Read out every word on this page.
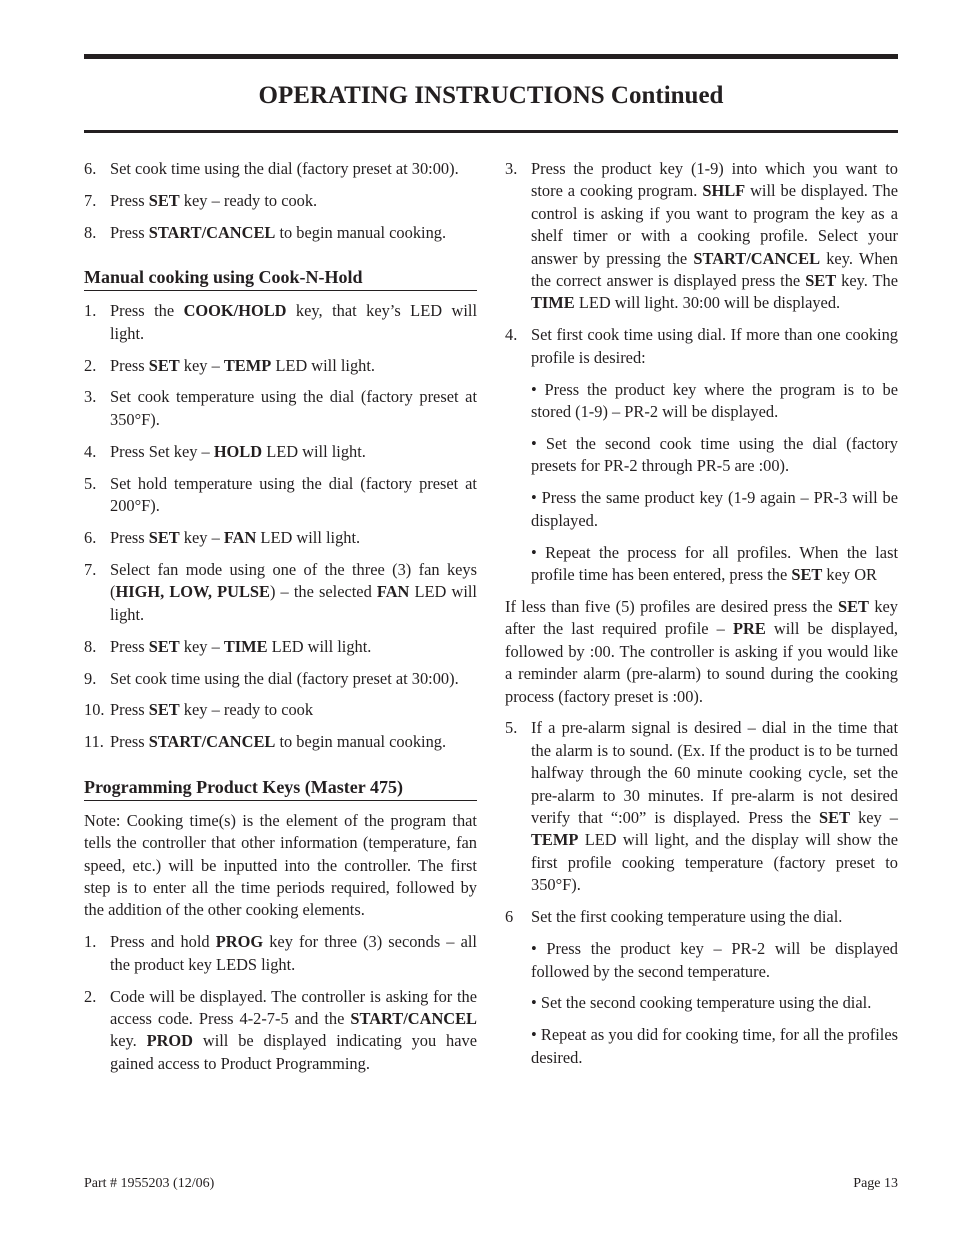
OPERATING INSTRUCTIONS Continued
6. Set cook time using the dial (factory preset at 30:00).
7. Press SET key – ready to cook.
8. Press START/CANCEL to begin manual cooking.
Manual cooking using Cook-N-Hold
1. Press the COOK/HOLD key, that key’s LED will light.
2. Press SET key – TEMP LED will light.
3. Set cook temperature using the dial (factory preset at 350°F).
4. Press Set key – HOLD LED will light.
5. Set hold temperature using the dial (factory preset at 200°F).
6. Press SET key – FAN LED will light.
7. Select fan mode using one of the three (3) fan keys (HIGH, LOW, PULSE) – the selected FAN LED will light.
8. Press SET key – TIME LED will light.
9. Set cook time using the dial (factory preset at 30:00).
10. Press SET key – ready to cook
11. Press START/CANCEL to begin manual cooking.
Programming Product Keys (Master 475)
Note: Cooking time(s) is the element of the program that tells the controller that other information (temperature, fan speed, etc.) will be inputted into the controller. The first step is to enter all the time periods required, followed by the addition of the other cooking elements.
1. Press and hold PROG key for three (3) seconds – all the product key LEDS light.
2. Code will be displayed. The controller is asking for the access code. Press 4-2-7-5 and the START/CANCEL key. PROD will be displayed indicating you have gained access to Product Programming.
3. Press the product key (1-9) into which you want to store a cooking program. SHLF will be displayed. The control is asking if you want to program the key as a shelf timer or with a cooking profile. Select your answer by pressing the START/CANCEL key. When the correct answer is displayed press the SET key. The TIME LED will light. 30:00 will be displayed.
4. Set first cook time using dial. If more than one cooking profile is desired:
• Press the product key where the program is to be stored (1-9) – PR-2 will be displayed.
• Set the second cook time using the dial (factory presets for PR-2 through PR-5 are :00).
• Press the same product key (1-9 again – PR-3 will be displayed.
• Repeat the process for all profiles. When the last profile time has been entered, press the SET key OR
If less than five (5) profiles are desired press the SET key after the last required profile – PRE will be displayed, followed by :00. The controller is asking if you would like a reminder alarm (pre-alarm) to sound during the cooking process (factory preset is :00).
5. If a pre-alarm signal is desired – dial in the time that the alarm is to sound. (Ex. If the product is to be turned halfway through the 60 minute cooking cycle, set the pre-alarm to 30 minutes. If pre-alarm is not desired verify that “:00” is displayed. Press the SET key – TEMP LED will light, and the display will show the first profile cooking temperature (factory preset to 350°F).
6	Set the first cooking temperature using the dial.
• Press the product key – PR-2 will be displayed followed by the second temperature.
• Set the second cooking temperature using the dial.
• Repeat as you did for cooking time, for all the profiles desired.
Part # 1955203 (12/06)	Page 13
